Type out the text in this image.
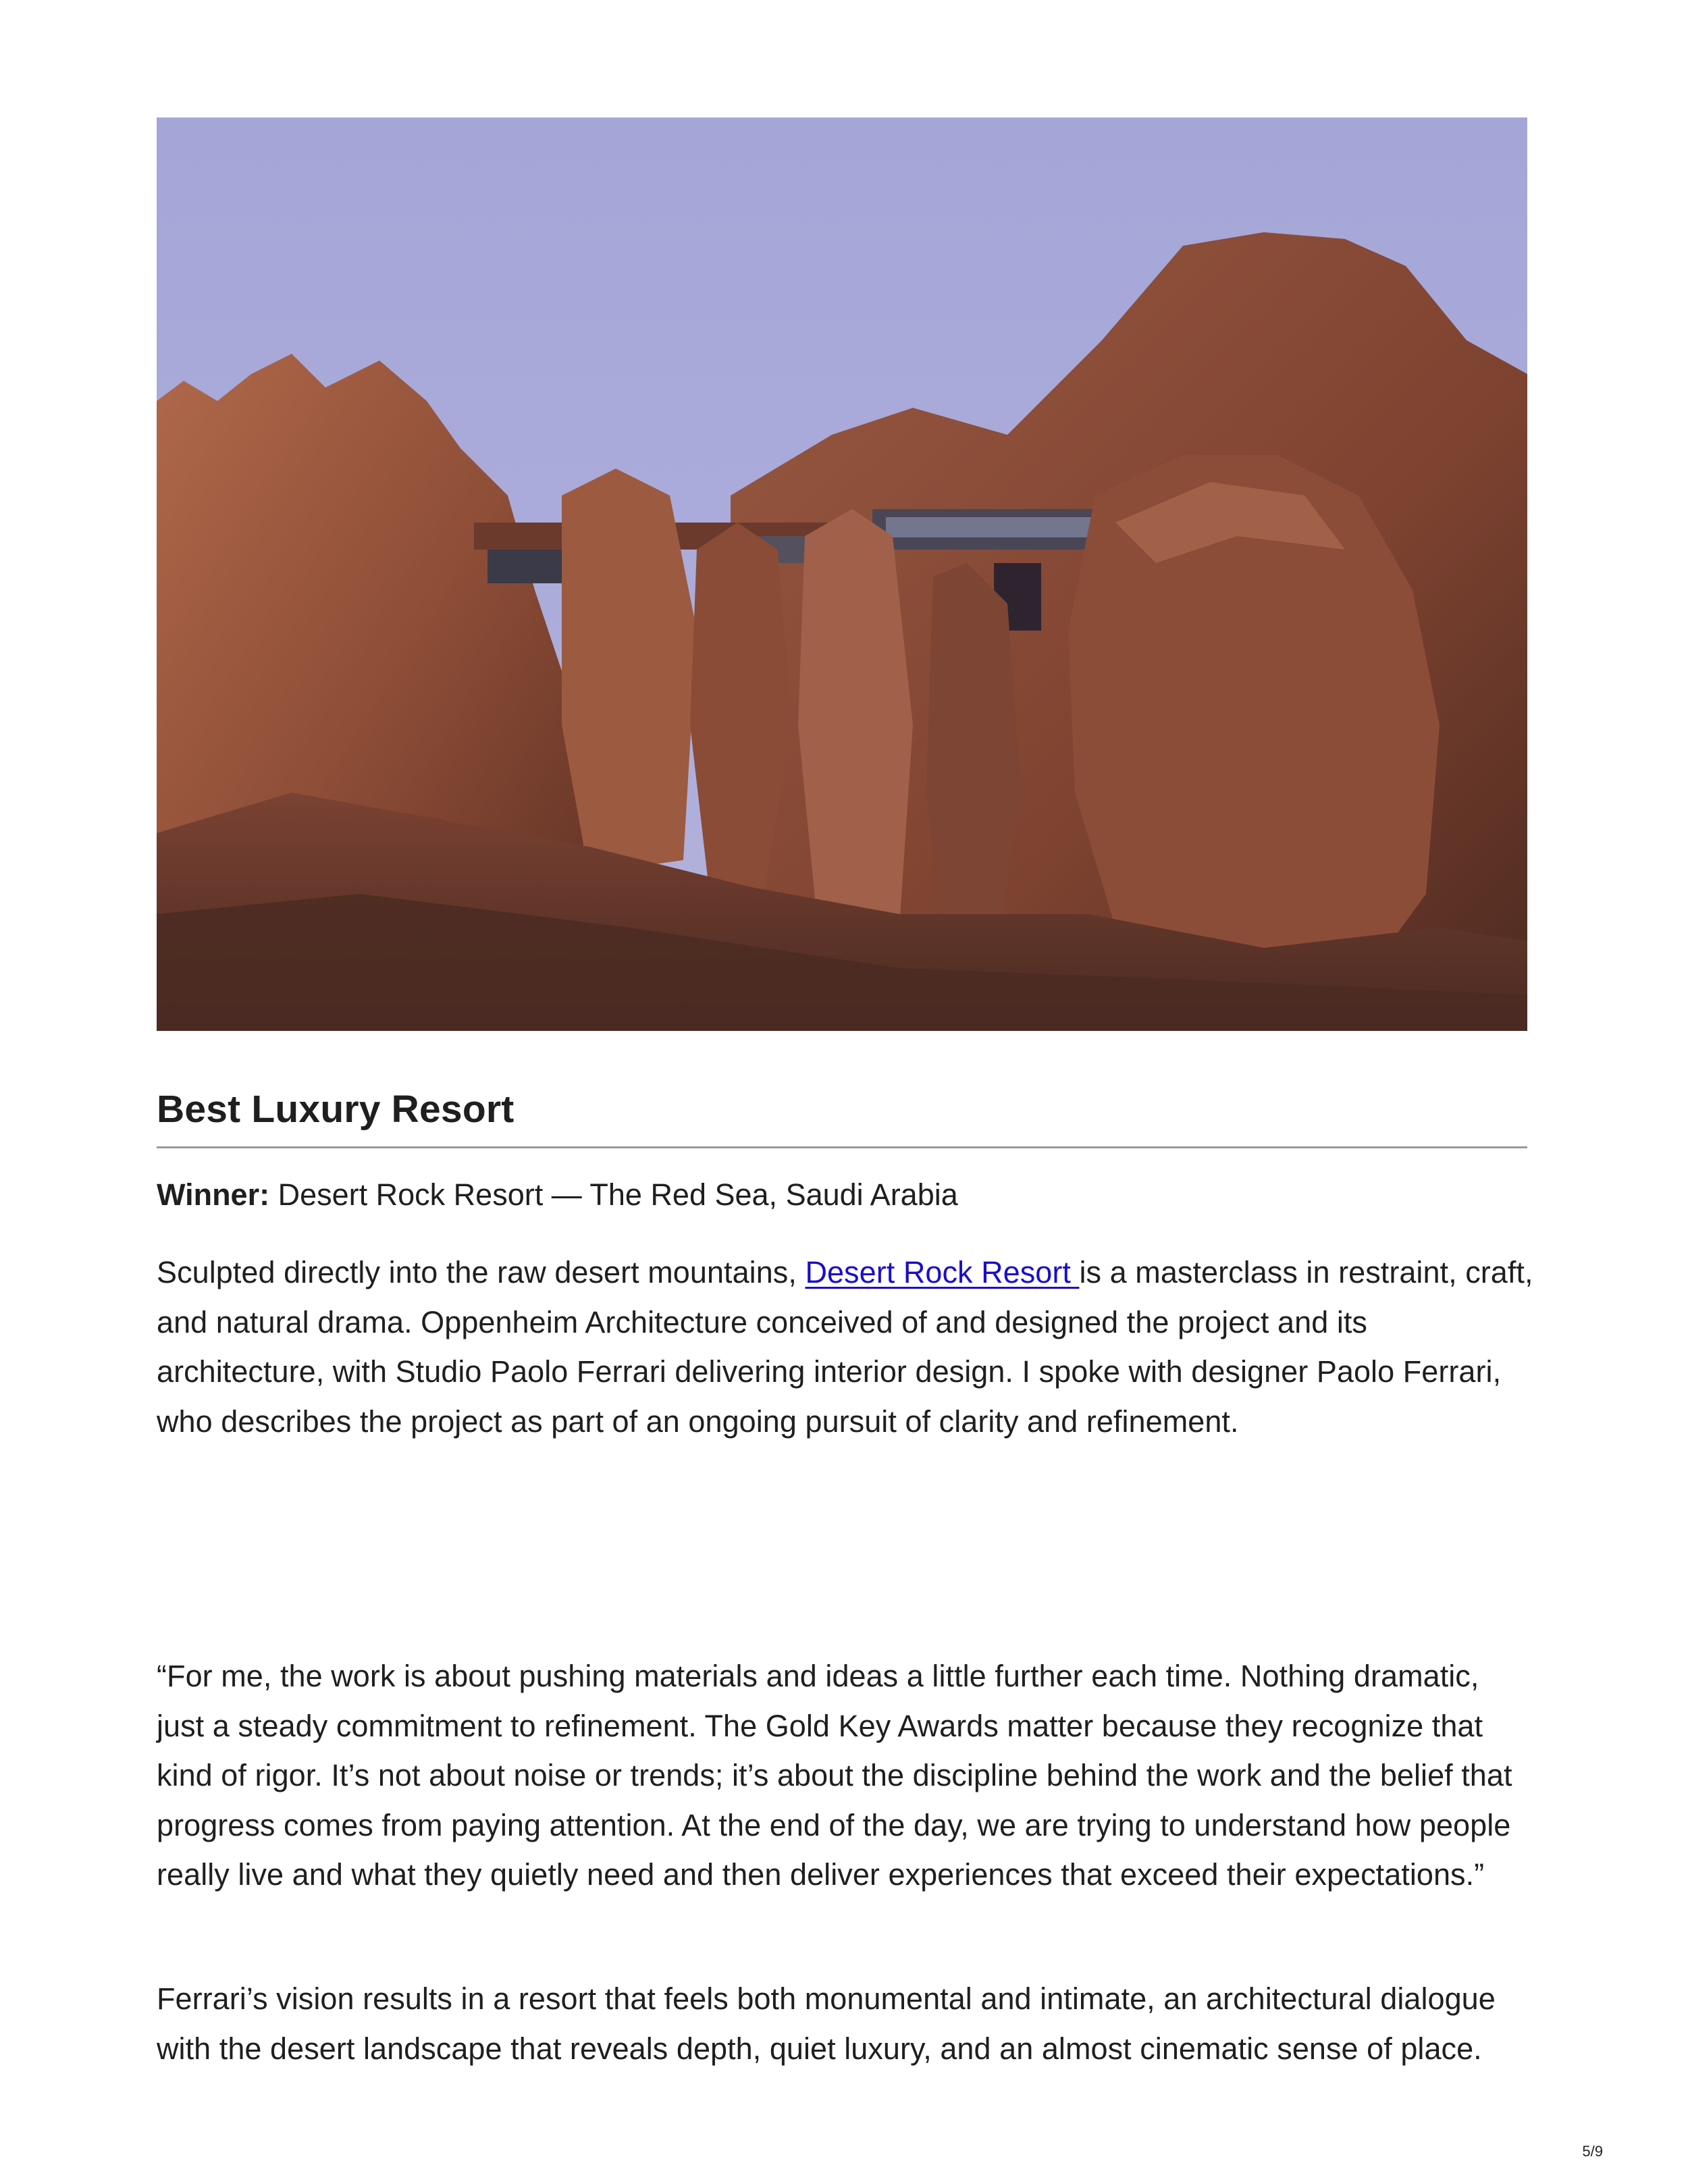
Best Luxury Resort

Winner: Desert Rock Resort — The Red Sea, Saudi Arabia

Sculpted directly into the raw desert mountains, Desert Rock Resort is a masterclass in restraint, craft, and natural drama. Oppenheim Architecture conceived of and designed the project and its architecture, with Studio Paolo Ferrari delivering interior design. I spoke with designer Paolo Ferrari, who describes the project as part of an ongoing pursuit of clarity and refinement.

“For me, the work is about pushing materials and ideas a little further each time. Nothing dramatic, just a steady commitment to refinement. The Gold Key Awards matter because they recognize that kind of rigor. It’s not about noise or trends; it’s about the discipline behind the work and the belief that progress comes from paying attention. At the end of the day, we are trying to understand how people really live and what they quietly need and then deliver experiences that exceed their expectations.”

Ferrari’s vision results in a resort that feels both monumental and intimate, an architectural dialogue with the desert landscape that reveals depth, quiet luxury, and an almost cinematic sense of place.

5/9
